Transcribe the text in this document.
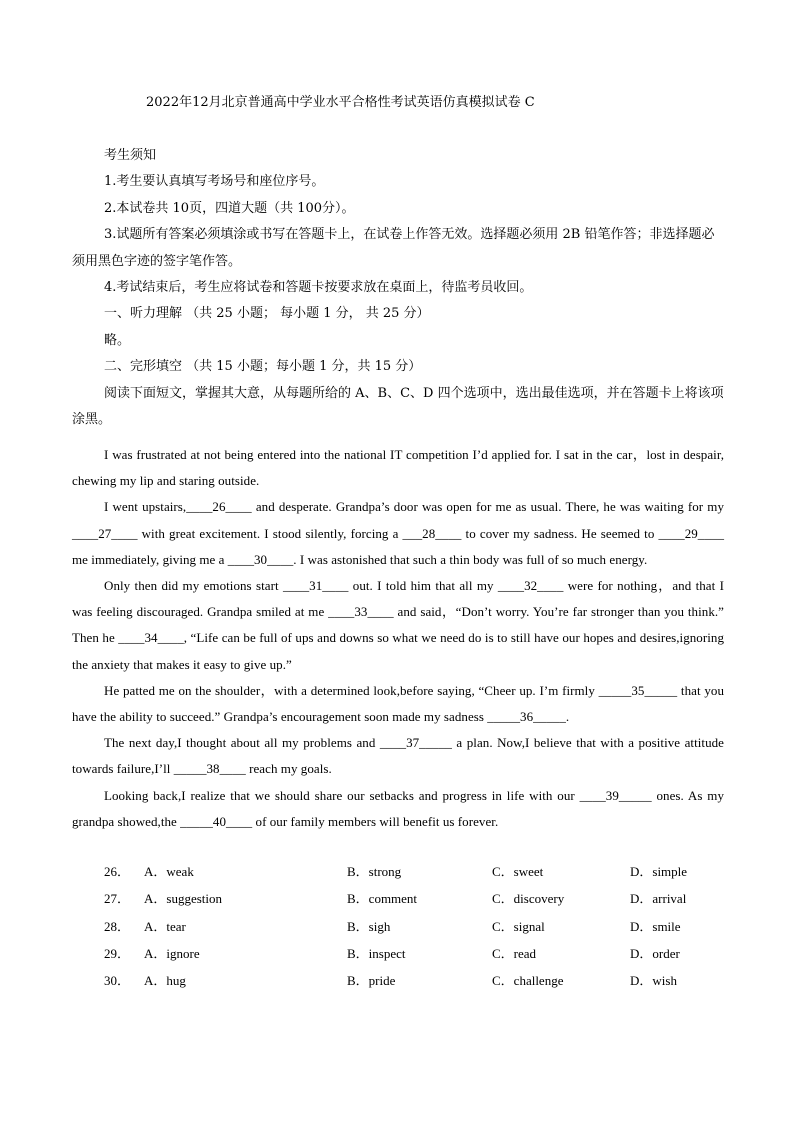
2022年12月北京普通高中学业水平合格性考试英语仿真模拟试卷 C

考生须知

1.考生要认真填写考场号和座位序号。

2.本试卷共 10页，四道大题（共 100分）。

3.试题所有答案必须填涂或书写在答题卡上，在试卷上作答无效。选择题必须用 2B 铅笔作答；非选择题必须用黑色字迹的签字笔作答。

4.考试结束后，考生应将试卷和答题卡按要求放在桌面上，待监考员收回。

一、听力理解 （共 25 小题； 每小题 1 分， 共 25 分）

略。

二、完形填空 （共 15 小题；每小题 1 分，共 15 分）

阅读下面短文，掌握其大意，从每题所给的 A、B、C、D 四个选项中，选出最佳选项，并在答题卡上将该项涂黑。

I was frustrated at not being entered into the national IT competition I’d applied for. I sat in the car，lost in despair, chewing my lip and staring outside.

I went upstairs,____26____ and desperate. Grandpa’s door was open for me as usual. There, he was waiting for my ____27____ with great excitement. I stood silently, forcing a ___28____ to cover my sadness. He seemed to ____29____ me immediately, giving me a ____30____. I was astonished that such a thin body was full of so much energy.

Only then did my emotions start ____31____ out. I told him that all my ____32____ were for nothing，and that I was feeling discouraged. Grandpa smiled at me ____33____ and said，“Don’t worry. You’re far stronger than you think.” Then he ____34____, “Life can be full of ups and downs so what we need do is to still have our hopes and desires,ignoring the anxiety that makes it easy to give up.”

He patted me on the shoulder，with a determined look,before saying, “Cheer up. I’m firmly _____35_____ that you have the ability to succeed.” Grandpa’s encouragement soon made my sadness _____36_____.

The next day,I thought about all my problems and ____37_____ a plan. Now,I believe that with a positive attitude towards failure,I’ll _____38____ reach my goals.

Looking back,I realize that we should share our setbacks and progress in life with our ____39_____ ones. As my grandpa showed,the _____40____ of our family members will benefit us forever.

26．	A．weak	B．strong	C．sweet	D．simple
27．	A．suggestion	B．comment	C．discovery	D．arrival
28．	A．tear	B．sigh	C．signal	D．smile
29．	A．ignore	B．inspect	C．read	D．order
30．	A．hug	B．pride	C．challenge	D．wish
